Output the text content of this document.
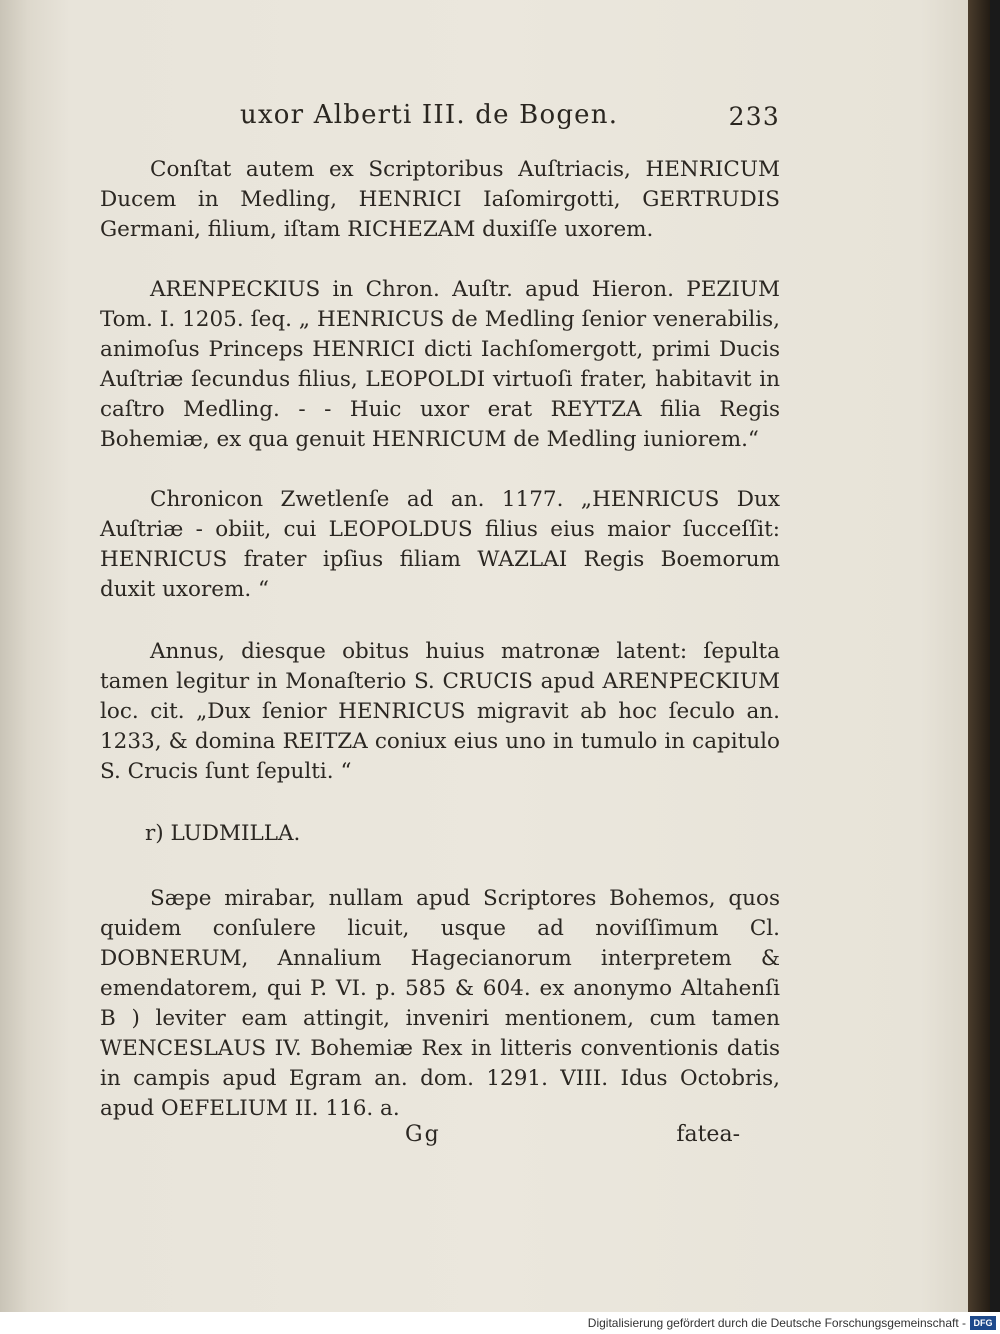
uxor Alberti III. de Bogen.	233

Conſtat autem ex Scriptoribus Auſtriacis, HENRICUM Ducem in Medling, HENRICI Iaſomirgotti, GERTRUDIS Germani, filium, iſtam RICHEZAM duxiſſe uxorem.

ARENPECKIUS in Chron. Auſtr. apud Hieron. PEZIUM Tom. I. 1205. ſeq. „ HENRICUS de Medling ſenior venerabilis, animoſus Princeps HENRICI dicti Iachſomergott, primi Ducis Auſtriæ ſecundus filius, LEOPOLDI virtuoſi frater, habitavit in caſtro Medling. - - Huic uxor erat REYTZA filia Regis Bohemiæ, ex qua genuit HENRICUM de Medling iuniorem.“

Chronicon Zwetlenſe ad an. 1177. „HENRICUS Dux Auſtriæ - obiit, cui LEOPOLDUS filius eius maior ſucceſſit: HENRICUS frater ipſius filiam WAZLAI Regis Boemorum duxit uxorem. “

Annus, diesque obitus huius matronæ latent: ſepulta tamen legitur in Monaſterio S. CRUCIS apud ARENPECKIUM loc. cit. „Dux ſenior HENRICUS migravit ab hoc ſeculo an. 1233, & domina REITZA coniux eius uno in tumulo in capitulo S. Crucis ſunt ſepulti. “

r) LUDMILLA.

Sæpe mirabar, nullam apud Scriptores Bohemos, quos quidem conſulere licuit, usque ad noviſſimum Cl. DOBNERUM, Annalium Hagecianorum interpretem & emendatorem, qui P. VI. p. 585 & 604. ex anonymo Altahenſi B ) leviter eam attingit, inveniri mentionem, cum tamen WENCESLAUS IV. Bohemiæ Rex in litteris conventionis datis in campis apud Egram an. dom. 1291. VIII. Idus Octobris, apud OEFELIUM II. 116. a.

Gg	fatea-
Digitalisierung gefördert durch die Deutsche Forschungsgemeinschaft - DFG
